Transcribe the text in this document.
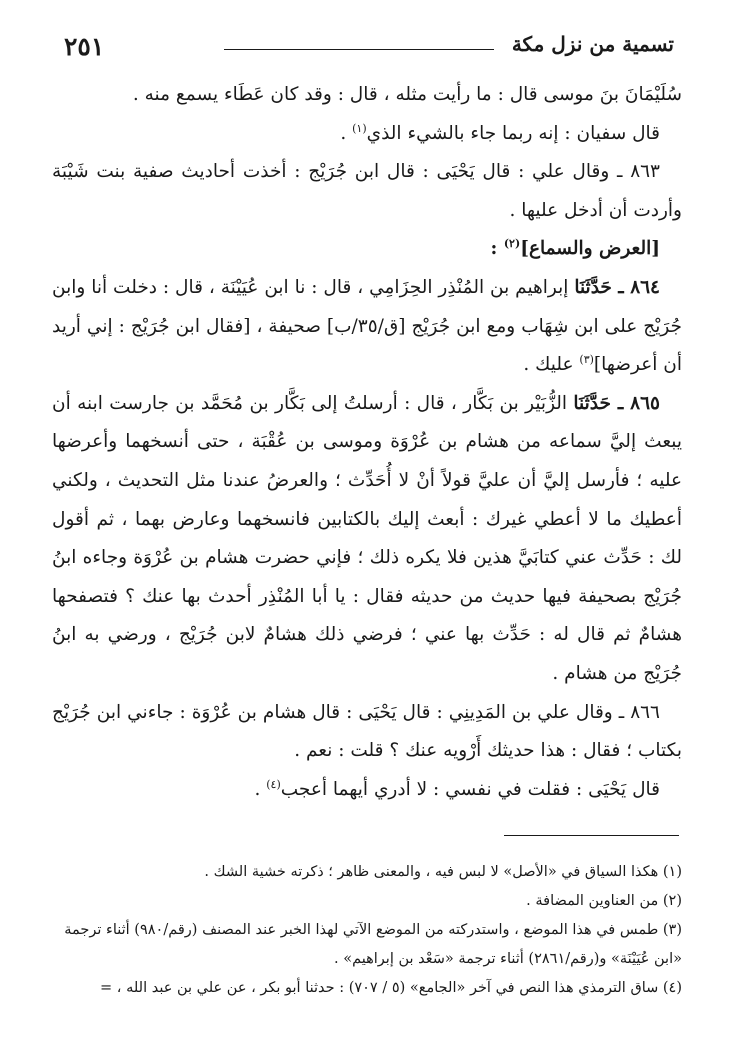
٢٥١	تسمية من نزل مكة

سُلَيْمَانَ بنَ موسى قال : ما رأيت مثله ، قال : وقد كان عَطَاء يسمع منه .

قال سفيان : إنه ربما جاء بالشيء الذي$^{(١)}$ .

٨٦٣ ـ وقال علي : قال يَحْيَى : قال ابن جُرَيْج : أخذت أحاديث صفية بنت شَيْبَة وأردت أن أدخل عليها .

[العرض والسماع]$^{(٢)}$ :

٨٦٤ ـ حَدَّثَنَا إبراهيم بن المُنْذِر الحِزَامِي ، قال : نا ابن عُيَيْنَة ، قال : دخلت أنا وابن جُرَيْج على ابن شِهَاب ومع ابن جُرَيْج [ق/٣٥/ب] صحيفة ، [فقال ابن جُرَيْج : إني أريد أن أعرضها]$^{(٣)}$ عليك .

٨٦٥ ـ حَدَّثَنَا الزُّبَيْر بن بَكَّار ، قال : أرسلتُ إلى بَكَّار بن مُحَمَّد بن جارست ابنه أن يبعث إليَّ سماعه من هشام بن عُرْوَة وموسى بن عُقْبَة ، حتى أنسخهما وأعرضها عليه ؛ فأرسل إليَّ أن عليَّ قولاً أنْ لا أُحَدِّث ؛ والعرضُ عندنا مثل التحديث ، ولكني أعطيك ما لا أعطي غيرك : أبعث إليك بالكتابين فانسخهما وعارض بهما ، ثم أقول لك : حَدِّث عني كتابَيَّ هذين فلا يكره ذلك ؛ فإني حضرت هشام بن عُرْوَة وجاءه ابنُ جُرَيْج بصحيفة فيها حديث من حديثه فقال : يا أبا المُنْذِر أحدث بها عنك ؟ فتصفحها هشامٌ ثم قال له : حَدِّث بها عني ؛ فرضي ذلك هشامٌ لابن جُرَيْج ، ورضي به ابنُ جُرَيْج من هشام .

٨٦٦ ـ وقال علي بن المَدِينِي : قال يَحْيَى : قال هشام بن عُرْوَة : جاءني ابن جُرَيْج بكتاب ؛ فقال : هذا حديثك أَرْويه عنك ؟ قلت : نعم .

قال يَحْيَى : فقلت في نفسي : لا أدري أيهما أعجب$^{(٤)}$ .

(١) هكذا السياق في «الأصل» لا لبس فيه ، والمعنى ظاهر ؛ ذكرته خشية الشك .

(٢) من العناوين المضافة .

(٣) طمس في هذا الموضع ، واستدركته من الموضع الآتي لهذا الخبر عند المصنف (رقم/٩٨٠) أثناء ترجمة «ابن عُيَيْنَة» و(رقم/٢٨٦١) أثناء ترجمة «سَعْد بن إبراهيم» .

(٤) ساق الترمذي هذا النص في آخر «الجامع» (٥ / ٧٠٧) : حدثنا أبو بكر ، عن علي بن عبد الله ، =
